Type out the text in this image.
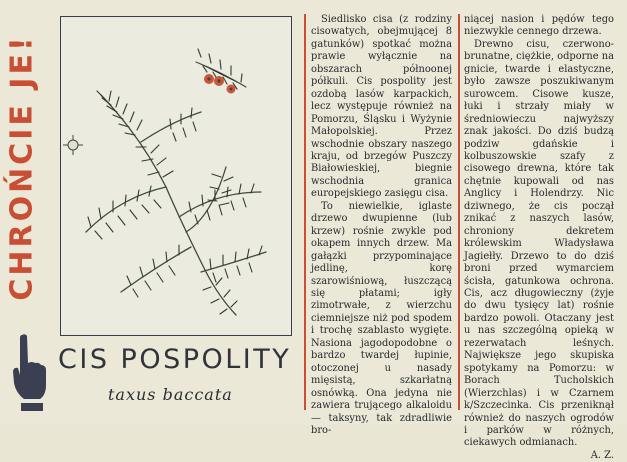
CHROŃCIE JE!
CIS POSPOLITY
taxus baccata

Siedlisko cisa (z rodziny cisowatych, obejmującej 8 gatunków) spotkać można prawie wyłącznie na obszarach półnoonej półkuli. Cis pospolity jest ozdobą lasów karpackich, lecz występuje również na Pomorzu, Śląsku i Wyżynie Małopolskiej. Przez wschodnie obszary naszego kraju, od brzegów Puszczy Białowieskiej, biegnie wschodnia granica europejskiego zasięgu cisa.

To niewielkie, iglaste drzewo dwupienne (lub krzew) rośnie zwykle pod okapem innych drzew. Ma gałązki przypominające jedlinę, korę szarowiśniową, łuszczącą się płatami; igły zimotrwałe, z wierzchu ciemniejsze niż pod spodem i trochę szablasto wygięte. Nasiona jagodopodobne o bardzo twardej łupinie, otoczonej u nasady mięsistą, szkarłatną osnówką. Ona jedyna nie zawiera trującego alkaloidu — taksyny, tak zdradliwie bro-

niącej nasion i pędów tego niezwykle cennego drzewa.

Drewno cisu, czerwono-brunatne, ciężkie, odporne na gnicie, twarde i elastyczne, było zawsze poszukiwanym surowcem. Cisowe kusze, łuki i strzały miały w średniowieczu najwyższy znak jakości. Do dziś budzą podziw gdańskie i kolbuszowskie szafy z cisowego drewna, które tak chętnie kupowali od nas Anglicy i Holendrzy. Nic dziwnego, że cis począł znikać z naszych lasów, chroniony dekretem królewskim Władysława Jagiełły. Drzewo to do dziś broni przed wymarciem ścisła, gatunkowa ochrona. Cis, acz długowieczny (żyje do dwu tysięcy lat) rośnie bardzo powoli. Otaczany jest u nas szczególną opieką w rezerwatach leśnych. Największe jego skupiska spotykamy na Pomorzu: w Borach Tucholskich (Wierzchlas) i w Czarnem k/Szczecinka. Cis przeniknął również do naszych ogrodów i parków w różnych, ciekawych odmianach.

A. Z.
